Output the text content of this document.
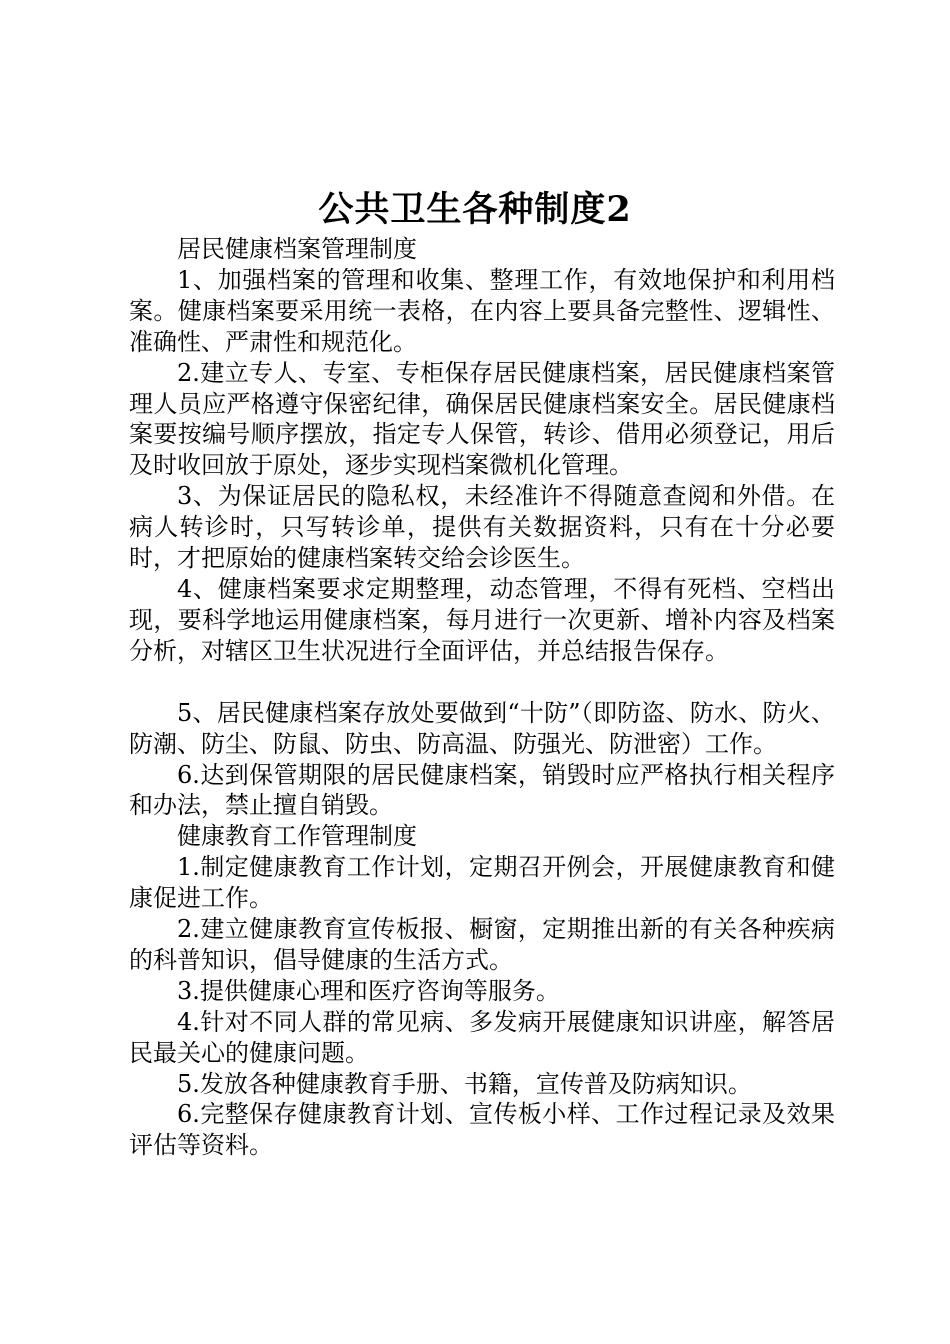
公共卫生各种制度2

居民健康档案管理制度

1、加强档案的管理和收集、整理工作，有效地保护和利用档案。健康档案要采用统一表格，在内容上要具备完整性、逻辑性、准确性、严肃性和规范化。

2.建立专人、专室、专柜保存居民健康档案，居民健康档案管理人员应严格遵守保密纪律，确保居民健康档案安全。居民健康档案要按编号顺序摆放，指定专人保管，转诊、借用必须登记，用后及时收回放于原处，逐步实现档案微机化管理。

3、为保证居民的隐私权，未经准许不得随意查阅和外借。在病人转诊时，只写转诊单，提供有关数据资料，只有在十分必要时，才把原始的健康档案转交给会诊医生。

4、健康档案要求定期整理，动态管理，不得有死档、空档出现，要科学地运用健康档案，每月进行一次更新、增补内容及档案分析，对辖区卫生状况进行全面评估，并总结报告保存。

5、居民健康档案存放处要做到“十防”（即防盗、防水、防火、防潮、防尘、防鼠、防虫、防高温、防强光、防泄密）工作。

6.达到保管期限的居民健康档案，销毁时应严格执行相关程序和办法，禁止擅自销毁。

健康教育工作管理制度

1.制定健康教育工作计划，定期召开例会，开展健康教育和健康促进工作。

2.建立健康教育宣传板报、橱窗，定期推出新的有关各种疾病的科普知识，倡导健康的生活方式。

3.提供健康心理和医疗咨询等服务。

4.针对不同人群的常见病、多发病开展健康知识讲座，解答居民最关心的健康问题。

5.发放各种健康教育手册、书籍，宣传普及防病知识。

6.完整保存健康教育计划、宣传板小样、工作过程记录及效果评估等资料。
